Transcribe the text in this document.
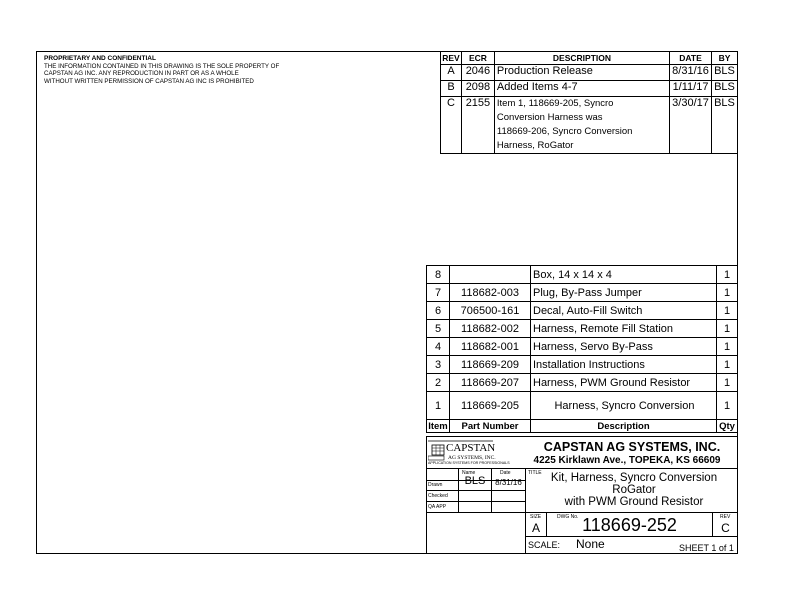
PROPRIETARY AND CONFIDENTIAL
THE INFORMATION CONTAINED IN THIS DRAWING IS THE SOLE PROPERTY OF
CAPSTAN AG INC. ANY REPRODUCTION IN PART OR AS A WHOLE
WITHOUT WRITTEN PERMISSION OF CAPSTAN AG INC IS PROHIBITED
REV	ECR	DESCRIPTION	DATE	BY
A	2046	Production Release	8/31/16	BLS
B	2098	Added Items 4-7	1/11/17	BLS
C	2155	Item 1, 118669-205, Syncro
Conversion Harness was
118669-206, Syncro Conversion
Harness, RoGator	3/30/17	BLS
8		Box, 14 x 14 x 4	1
7	118682-003	Plug, By-Pass Jumper	1
6	706500-161	Decal, Auto-Fill Switch	1
5	118682-002	Harness, Remote Fill Station	1
4	118682-001	Harness, Servo By-Pass	1
3	118669-209	Installation Instructions	1
2	118669-207	Harness, PWM Ground Resistor	1
1	118669-205	Harness, Syncro Conversion	1
Item	Part Number	Description	Qty
CAPSTAN
AG SYSTEMS, INC.
APPLICATION SYSTEMS FOR PROFESSIONALS
CAPSTAN AG SYSTEMS, INC.
4225 Kirklawn Ave., TOPEKA, KS 66609
Name	Date
Drawn
Checked
QA APP
BLS	8/31/16
TITLE Kit, Harness, Syncro Conversion
RoGator
with PWM Ground Resistor
SIZE
A
DWG No. 118669-252	REV
C
SCALE: None	SHEET 1 of 1
